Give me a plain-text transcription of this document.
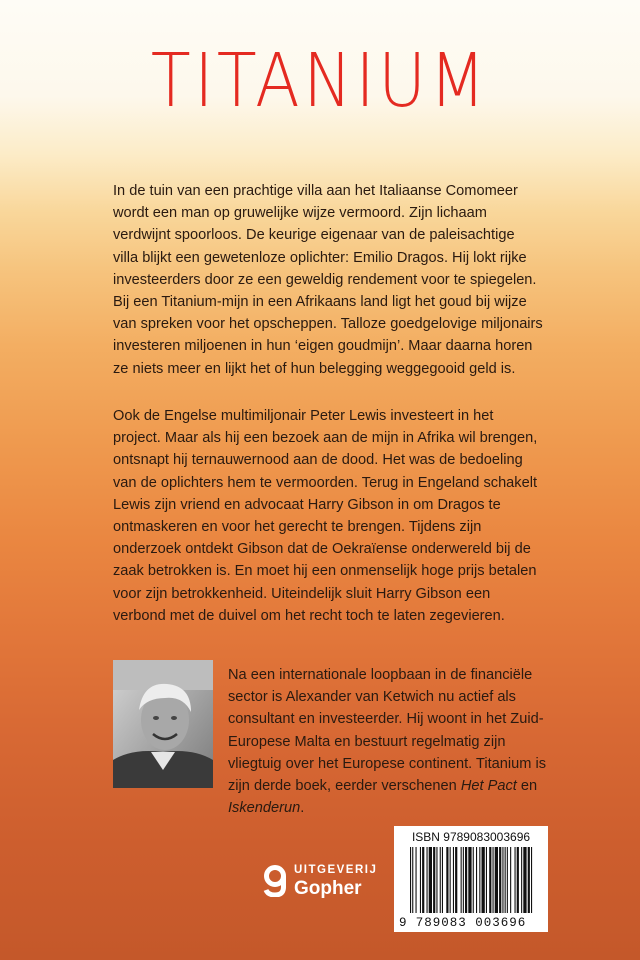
TITANIUM

In de tuin van een prachtige villa aan het Italiaanse Comomeer wordt een man op gruwelijke wijze vermoord. Zijn lichaam verdwijnt spoorloos. De keurige eigenaar van de paleisachtige villa blijkt een gewetenloze oplichter: Emilio Dragos. Hij lokt rijke investeerders door ze een geweldig rendement voor te spiegelen. Bij een Titanium-mijn in een Afrikaans land ligt het goud bij wijze van spreken voor het opscheppen. Talloze goedgelovige miljonairs investeren miljoenen in hun ‘eigen goudmijn’. Maar daarna horen ze niets meer en lijkt het of hun belegging weggegooid geld is.

Ook de Engelse multimiljonair Peter Lewis investeert in het project. Maar als hij een bezoek aan de mijn in Afrika wil brengen, ontsnapt hij ternauwernood aan de dood. Het was de bedoeling van de oplichters hem te vermoorden. Terug in Engeland schakelt Lewis zijn vriend en advocaat Harry Gibson in om Dragos te ontmaskeren en voor het gerecht te brengen. Tijdens zijn onderzoek ontdekt Gibson dat de Oekraïense onderwereld bij de zaak betrokken is. En moet hij een onmenselijk hoge prijs betalen voor zijn betrokkenheid. Uiteindelijk sluit Harry Gibson een verbond met de duivel om het recht toch te laten zegevieren.

Na een internationale loopbaan in de financiële sector is Alexander van Ketwich nu actief als consultant en investeerder. Hij woont in het Zuid-Europese Malta en bestuurt regelmatig zijn vliegtuig over het Europese continent. Titanium is zijn derde boek, eerder verschenen Het Pact en Iskenderun.

UITGEVERIJ
Gopher
ISBN 9789083003696
9 789083 003696
